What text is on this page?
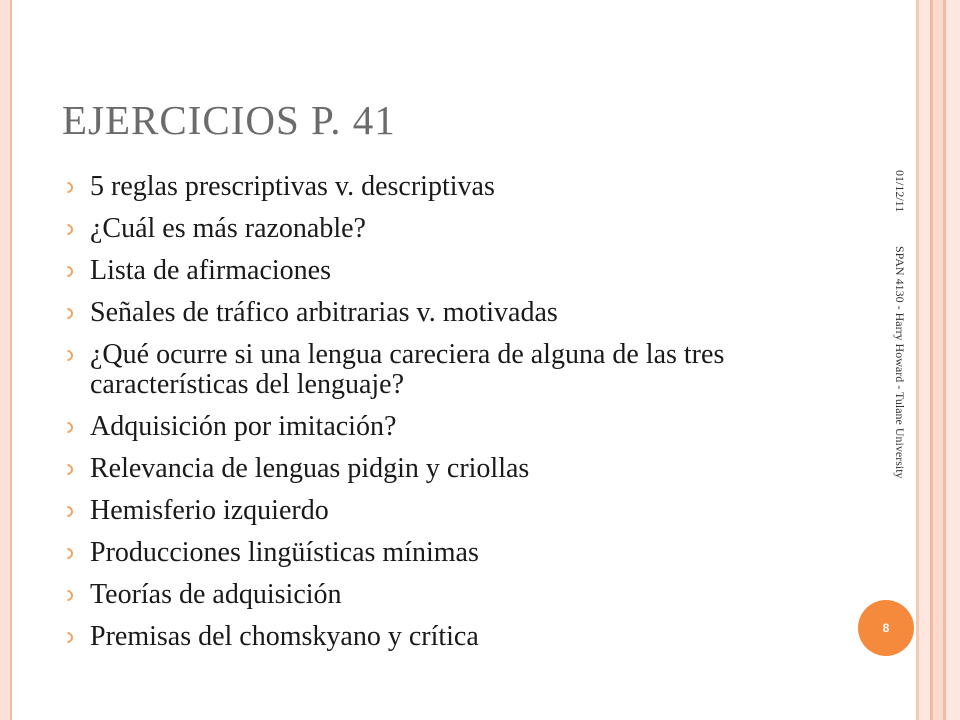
EJERCICIOS P. 41
5 reglas prescriptivas v. descriptivas
¿Cuál es más razonable?
Lista de afirmaciones
Señales de tráfico arbitrarias v. motivadas
¿Qué ocurre si una lengua careciera de alguna de las tres características del lenguaje?
Adquisición por imitación?
Relevancia de lenguas pidgin y criollas
Hemisferio izquierdo
Producciones lingüísticas mínimas
Teorías de adquisición
Premisas del chomskyano y crítica
01/12/11
SPAN 4130 - Harry Howard - Tulane University
8
